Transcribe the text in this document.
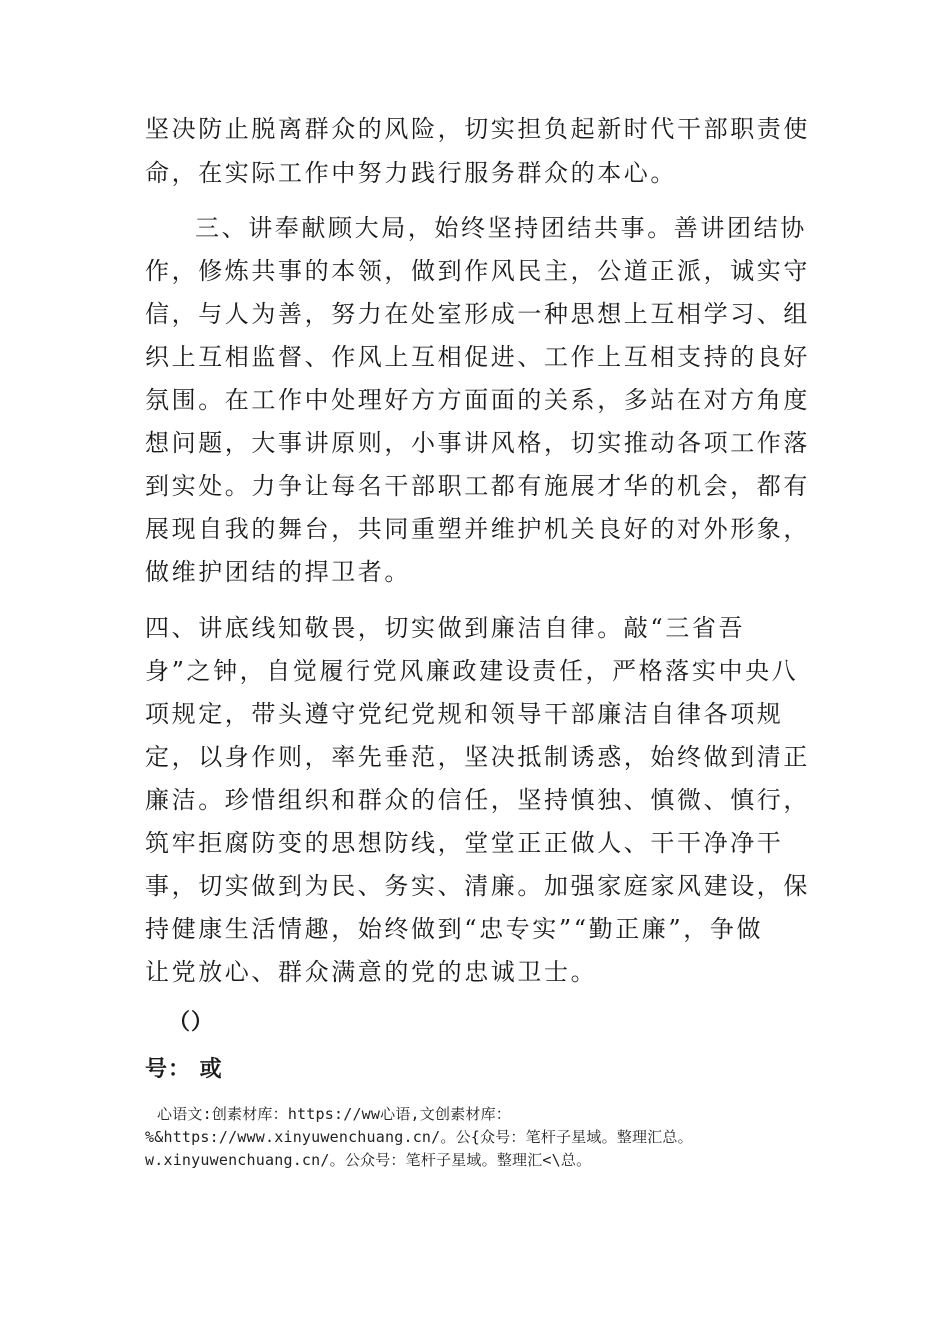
坚决防止脱离群众的风险，切实担负起新时代干部职责使
命，在实际工作中努力践行服务群众的本心。
三、讲奉献顾大局，始终坚持团结共事。善讲团结协
作，修炼共事的本领，做到作风民主，公道正派，诚实守
信，与人为善，努力在处室形成一种思想上互相学习、组
织上互相监督、作风上互相促进、工作上互相支持的良好
氛围。在工作中处理好方方面面的关系，多站在对方角度
想问题，大事讲原则，小事讲风格，切实推动各项工作落
到实处。力争让每名干部职工都有施展才华的机会，都有
展现自我的舞台，共同重塑并维护机关良好的对外形象，
做维护团结的捍卫者。
四、讲底线知敬畏，切实做到廉洁自律。敲“三省吾
身”之钟，自觉履行党风廉政建设责任，严格落实中央八
项规定，带头遵守党纪党规和领导干部廉洁自律各项规
定，以身作则，率先垂范，坚决抵制诱惑，始终做到清正
廉洁。珍惜组织和群众的信任，坚持慎独、慎微、慎行，
筑牢拒腐防变的思想防线，堂堂正正做人、干干净净干
事，切实做到为民、务实、清廉。加强家庭家风建设，保
持健康生活情趣，始终做到“忠专实”“勤正廉”，争做
让党放心、群众满意的党的忠诚卫士。
（）
号： 或
心语文:创素材库：https://ww心语,文创素材库：
%&https://www.xinyuwenchuang.cn/。公{众号：笔杆子星域。整理汇总。
w.xinyuwenchuang.cn/。公众号：笔杆子星域。整理汇<\总。
